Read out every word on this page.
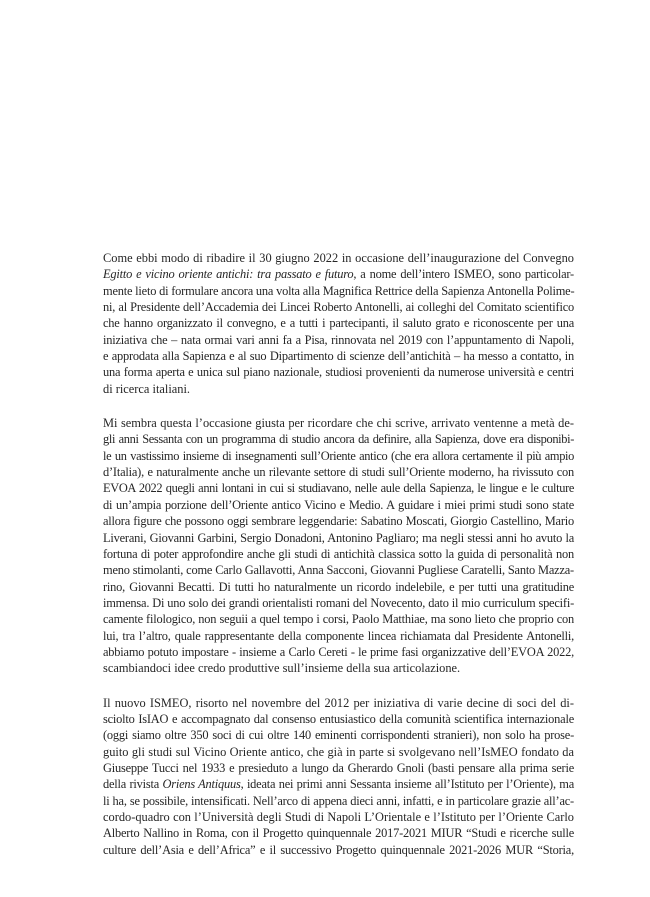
Come ebbi modo di ribadire il 30 giugno 2022 in occasione dell’inaugurazione del Convegno
Egitto e vicino oriente antichi: tra passato e futuro, a nome dell’intero ISMEO, sono particolar-
mente lieto di formulare ancora una volta alla Magnifica Rettrice della Sapienza Antonella Polime-
ni, al Presidente dell’Accademia dei Lincei Roberto Antonelli, ai colleghi del Comitato scientifico
che hanno organizzato il convegno, e a tutti i partecipanti, il saluto grato e riconoscente per una
iniziativa che – nata ormai vari anni fa a Pisa, rinnovata nel 2019 con l’appuntamento di Napoli,
e approdata alla Sapienza e al suo Dipartimento di scienze dell’antichità – ha messo a contatto, in
una forma aperta e unica sul piano nazionale, studiosi provenienti da numerose università e centri
di ricerca italiani.

Mi sembra questa l’occasione giusta per ricordare che chi scrive, arrivato ventenne a metà de-
gli anni Sessanta con un programma di studio ancora da definire, alla Sapienza, dove era disponibi-
le un vastissimo insieme di insegnamenti sull’Oriente antico (che era allora certamente il più ampio
d’Italia), e naturalmente anche un rilevante settore di studi sull’Oriente moderno, ha rivissuto con
EVOA 2022 quegli anni lontani in cui si studiavano, nelle aule della Sapienza, le lingue e le culture
di un’ampia porzione dell’Oriente antico Vicino e Medio. A guidare i miei primi studi sono state
allora figure che possono oggi sembrare leggendarie: Sabatino Moscati, Giorgio Castellino, Mario
Liverani, Giovanni Garbini, Sergio Donadoni, Antonino Pagliaro; ma negli stessi anni ho avuto la
fortuna di poter approfondire anche gli studi di antichità classica sotto la guida di personalità non
meno stimolanti, come Carlo Gallavotti, Anna Sacconi, Giovanni Pugliese Caratelli, Santo Mazza-
rino, Giovanni Becatti. Di tutti ho naturalmente un ricordo indelebile, e per tutti una gratitudine
immensa. Di uno solo dei grandi orientalisti romani del Novecento, dato il mio curriculum specifi-
camente filologico, non seguii a quel tempo i corsi, Paolo Matthiae, ma sono lieto che proprio con
lui, tra l’altro, quale rappresentante della componente lincea richiamata dal Presidente Antonelli,
abbiamo potuto impostare - insieme a Carlo Cereti - le prime fasi organizzative dell’EVOA 2022,
scambiandoci idee credo produttive sull’insieme della sua articolazione.

Il nuovo ISMEO, risorto nel novembre del 2012 per iniziativa di varie decine di soci del di-
sciolto IsIAO e accompagnato dal consenso entusiastico della comunità scientifica internazionale
(oggi siamo oltre 350 soci di cui oltre 140 eminenti corrispondenti stranieri), non solo ha prose-
guito gli studi sul Vicino Oriente antico, che già in parte si svolgevano nell’IsMEO fondato da
Giuseppe Tucci nel 1933 e presieduto a lungo da Gherardo Gnoli (basti pensare alla prima serie
della rivista Oriens Antiquus, ideata nei primi anni Sessanta insieme all’Istituto per l’Oriente), ma
li ha, se possibile, intensificati. Nell’arco di appena dieci anni, infatti, e in particolare grazie all’ac-
cordo-quadro con l’Università degli Studi di Napoli L’Orientale e l’Istituto per l’Oriente Carlo
Alberto Nallino in Roma, con il Progetto quinquennale 2017-2021 MIUR “Studi e ricerche sulle
culture dell’Asia e dell’Africa” e il successivo Progetto quinquennale 2021-2026 MUR “Storia,
